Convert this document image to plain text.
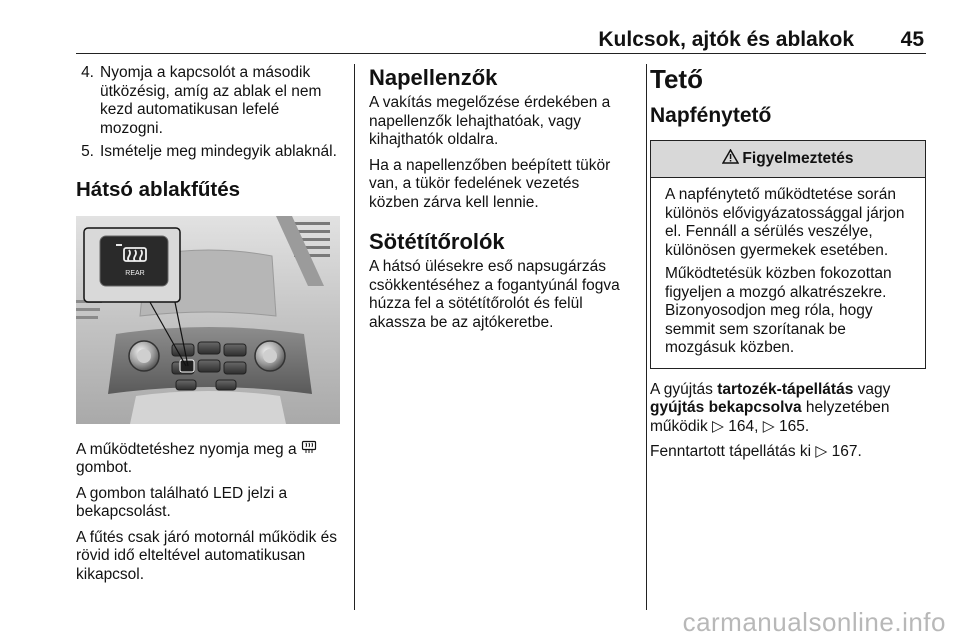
Kulcsok, ajtók és ablakok 45
4. Nyomja a kapcsolót a második ütközésig, amíg az ablak el nem kezd automatikusan lefelé mozogni.
5. Ismételje meg mindegyik ablaknál.
Hátsó ablakfűtés
REAR
A működtetéshez nyomja meg a  gombot.
A gombon található LED jelzi a bekapcsolást.
A fűtés csak járó motornál működik és rövid idő elteltével automatikusan kikapcsol.
Napellenzők
A vakítás megelőzése érdekében a napellenzők lehajthatóak, vagy kihajthatók oldalra.
Ha a napellenzőben beépített tükör van, a tükör fedelének vezetés közben zárva kell lennie.
Sötétítőrolók
A hátsó ülésekre eső napsugárzás csökkentéséhez a fogantyúnál fogva húzza fel a sötétítőrolót és felül akassza be az ajtókeretbe.
Tető
Napfénytető
Figyelmeztetés
A napfénytető működtetése során különös elővigyázatossággal járjon el. Fennáll a sérülés veszélye, különösen gyermekek esetében.
Működtetésük közben fokozottan figyeljen a mozgó alkatrészekre. Bizonyosodjon meg róla, hogy semmit sem szorítanak be mozgásuk közben.
A gyújtás tartozék-tápellátás vagy gyújtás bekapcsolva helyzetében működik ▷ 164, ▷ 165.
Fenntartott tápellátás ki ▷ 167.
carmanualsonline.info
